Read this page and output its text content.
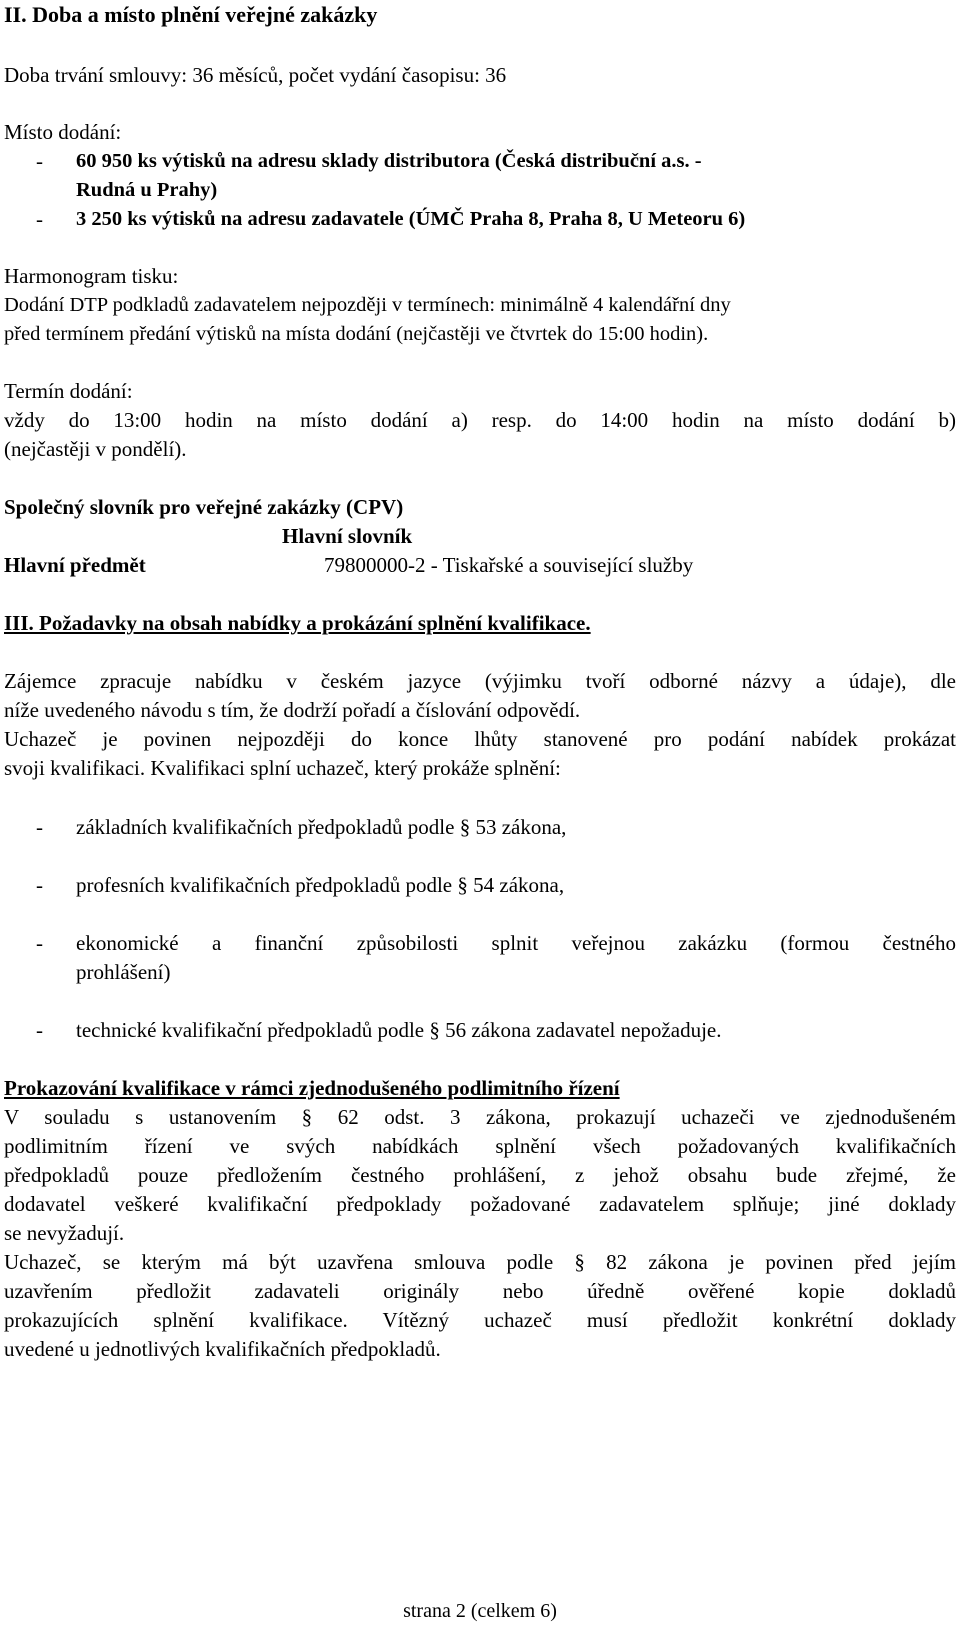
II. Doba a místo plnění veřejné zakázky
Doba trvání smlouvy: 36 měsíců, počet vydání časopisu: 36
Místo dodání:
- 60 950 ks výtisků na adresu sklady distributora (Česká distribuční a.s. -
Rudná u Prahy)
- 3 250 ks výtisků na adresu zadavatele (ÚMČ Praha 8, Praha 8, U Meteoru 6)
Harmonogram tisku:
Dodání DTP podkladů zadavatelem nejpozději v termínech: minimálně 4 kalendářní dny
před termínem předání výtisků na místa dodání (nejčastěji ve čtvrtek do 15:00 hodin).
Termín dodání:
vždy do 13:00 hodin na místo dodání a) resp. do 14:00 hodin na místo dodání b)
(nejčastěji v pondělí).
Společný slovník pro veřejné zakázky (CPV)
Hlavní slovník
Hlavní předmět	79800000-2 - Tiskařské a související služby
III. Požadavky na obsah nabídky a prokázání splnění kvalifikace.
Zájemce zpracuje nabídku v českém jazyce (výjimku tvoří odborné názvy a údaje), dle
níže uvedeného návodu s tím, že dodrží pořadí a číslování odpovědí.
Uchazeč je povinen nejpozději do konce lhůty stanovené pro podání nabídek prokázat
svoji kvalifikaci. Kvalifikaci splní uchazeč, který prokáže splnění:
- základních kvalifikačních předpokladů podle § 53 zákona,
- profesních kvalifikačních předpokladů podle § 54 zákona,
- ekonomické a finanční způsobilosti splnit veřejnou zakázku (formou čestného
prohlášení)
- technické kvalifikační předpokladů podle § 56 zákona zadavatel nepožaduje.
Prokazování kvalifikace v rámci zjednodušeného podlimitního řízení
V souladu s ustanovením § 62 odst. 3 zákona, prokazují uchazeči ve zjednodušeném
podlimitním řízení ve svých nabídkách splnění všech požadovaných kvalifikačních
předpokladů pouze předložením čestného prohlášení, z jehož obsahu bude zřejmé, že
dodavatel veškeré kvalifikační předpoklady požadované zadavatelem splňuje; jiné doklady
se nevyžadují.
Uchazeč, se kterým má být uzavřena smlouva podle § 82 zákona je povinen před jejím
uzavřením předložit zadavateli originály nebo úředně ověřené kopie dokladů
prokazujících splnění kvalifikace. Vítězný uchazeč musí předložit konkrétní doklady
uvedené u jednotlivých kvalifikačních předpokladů.
strana 2 (celkem 6)
